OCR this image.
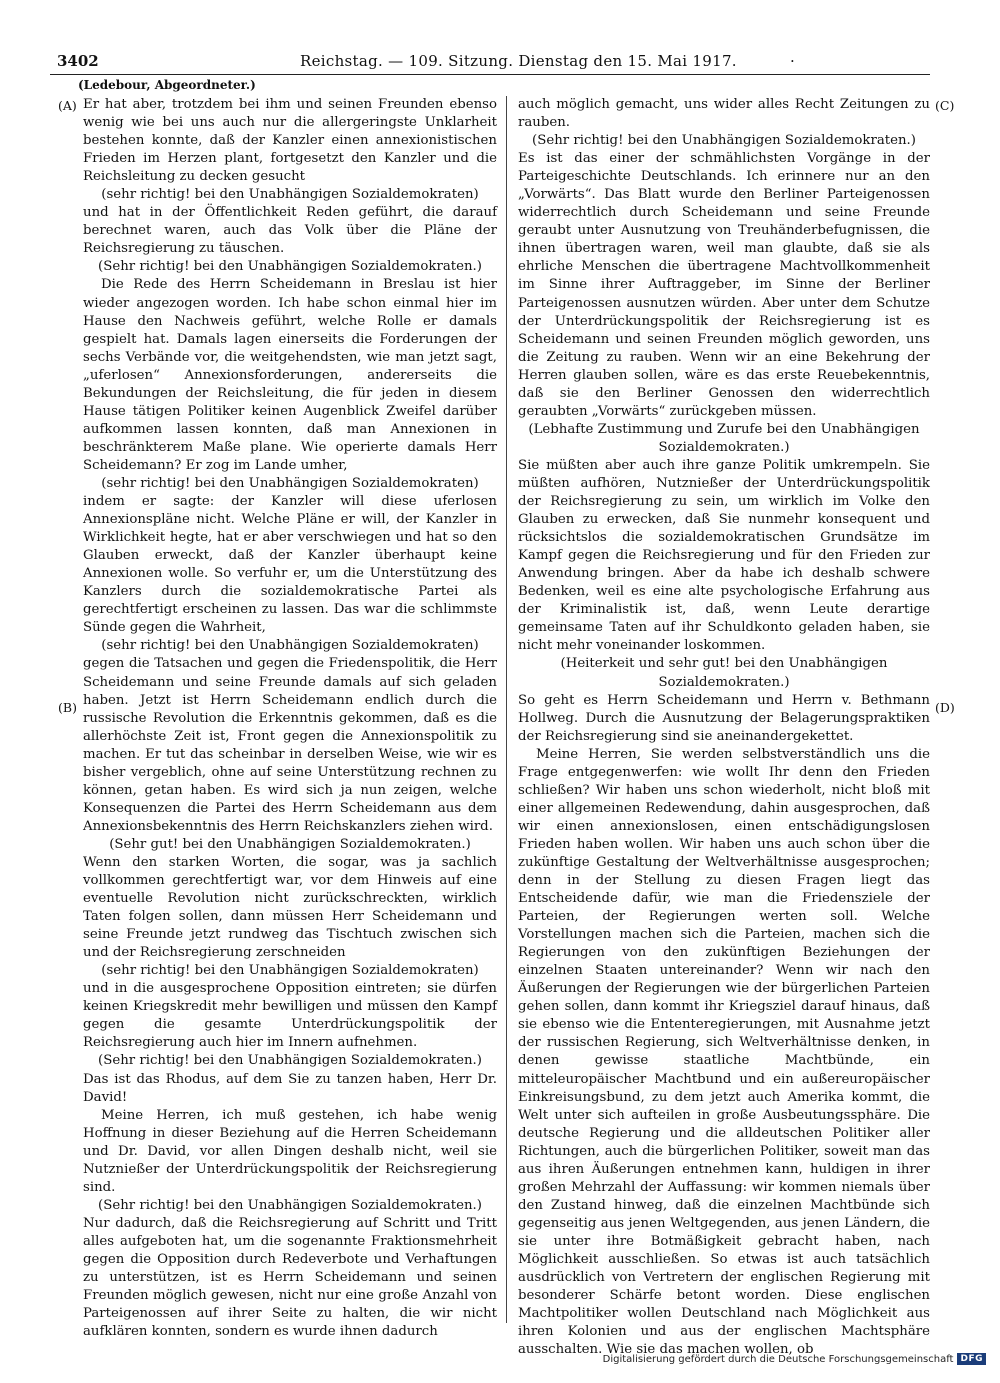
3402	Reichstag. — 109. Sitzung. Dienstag den 15. Mai 1917.	·
(Ledebour, Abgeordneter.)
(A)
(B)
(C)
(D)

Er hat aber, trotzdem bei ihm und seinen Freunden ebenso wenig wie bei uns auch nur die allergeringste Unklarheit bestehen konnte, daß der Kanzler einen annexionistischen Frieden im Herzen plant, fortgesetzt den Kanzler und die Reichsleitung zu decken gesucht

(sehr richtig! bei den Unabhängigen Sozialdemokraten)

und hat in der Öffentlichkeit Reden geführt, die darauf berechnet waren, auch das Volk über die Pläne der Reichsregierung zu täuschen.

(Sehr richtig! bei den Unabhängigen Sozialdemokraten.)

Die Rede des Herrn Scheidemann in Breslau ist hier wieder angezogen worden. Ich habe schon einmal hier im Hause den Nachweis geführt, welche Rolle er damals gespielt hat. Damals lagen einerseits die Forderungen der sechs Verbände vor, die weitgehendsten, wie man jetzt sagt, „uferlosen“ Annexionsforderungen, andererseits die Bekundungen der Reichsleitung, die für jeden in diesem Hause tätigen Politiker keinen Augenblick Zweifel darüber aufkommen lassen konnten, daß man Annexionen in beschränkterem Maße plane. Wie operierte damals Herr Scheidemann? Er zog im Lande umher,

(sehr richtig! bei den Unabhängigen Sozialdemokraten)

indem er sagte: der Kanzler will diese uferlosen Annexionspläne nicht. Welche Pläne er will, der Kanzler in Wirklichkeit hegte, hat er aber verschwiegen und hat so den Glauben erweckt, daß der Kanzler überhaupt keine Annexionen wolle. So verfuhr er, um die Unterstützung des Kanzlers durch die sozialdemokratische Partei als gerechtfertigt erscheinen zu lassen. Das war die schlimmste Sünde gegen die Wahrheit,

(sehr richtig! bei den Unabhängigen Sozialdemokraten)

gegen die Tatsachen und gegen die Friedenspolitik, die Herr Scheidemann und seine Freunde damals auf sich geladen haben. Jetzt ist Herrn Scheidemann endlich durch die russische Revolution die Erkenntnis gekommen, daß es die allerhöchste Zeit ist, Front gegen die Annexionspolitik zu machen. Er tut das scheinbar in derselben Weise, wie wir es bisher vergeblich, ohne auf seine Unterstützung rechnen zu können, getan haben. Es wird sich ja nun zeigen, welche Konsequenzen die Partei des Herrn Scheidemann aus dem Annexionsbekenntnis des Herrn Reichskanzlers ziehen wird.

(Sehr gut! bei den Unabhängigen Sozialdemokraten.)

Wenn den starken Worten, die sogar, was ja sachlich vollkommen gerechtfertigt war, vor dem Hinweis auf eine eventuelle Revolution nicht zurückschreckten, wirklich Taten folgen sollen, dann müssen Herr Scheidemann und seine Freunde jetzt rundweg das Tischtuch zwischen sich und der Reichsregierung zerschneiden

(sehr richtig! bei den Unabhängigen Sozialdemokraten)

und in die ausgesprochene Opposition eintreten; sie dürfen keinen Kriegskredit mehr bewilligen und müssen den Kampf gegen die gesamte Unterdrückungspolitik der Reichsregierung auch hier im Innern aufnehmen.

(Sehr richtig! bei den Unabhängigen Sozialdemokraten.)

Das ist das Rhodus, auf dem Sie zu tanzen haben, Herr Dr. David!

Meine Herren, ich muß gestehen, ich habe wenig Hoffnung in dieser Beziehung auf die Herren Scheidemann und Dr. David, vor allen Dingen deshalb nicht, weil sie Nutznießer der Unterdrückungspolitik der Reichsregierung sind.

(Sehr richtig! bei den Unabhängigen Sozialdemokraten.)

Nur dadurch, daß die Reichsregierung auf Schritt und Tritt alles aufgeboten hat, um die sogenannte Fraktionsmehrheit gegen die Opposition durch Redeverbote und Verhaftungen zu unterstützen, ist es Herrn Scheidemann und seinen Freunden möglich gewesen, nicht nur eine große Anzahl von Parteigenossen auf ihrer Seite zu halten, die wir nicht aufklären konnten, sondern es wurde ihnen dadurch

auch möglich gemacht, uns wider alles Recht Zeitungen zu rauben.

(Sehr richtig! bei den Unabhängigen Sozialdemokraten.)

Es ist das einer der schmählichsten Vorgänge in der Parteigeschichte Deutschlands. Ich erinnere nur an den „Vorwärts“. Das Blatt wurde den Berliner Parteigenossen widerrechtlich durch Scheidemann und seine Freunde geraubt unter Ausnutzung von Treuhänderbefugnissen, die ihnen übertragen waren, weil man glaubte, daß sie als ehrliche Menschen die übertragene Machtvollkommenheit im Sinne ihrer Auftraggeber, im Sinne der Berliner Parteigenossen ausnutzen würden. Aber unter dem Schutze der Unterdrückungspolitik der Reichsregierung ist es Scheidemann und seinen Freunden möglich geworden, uns die Zeitung zu rauben. Wenn wir an eine Bekehrung der Herren glauben sollen, wäre es das erste Reuebekenntnis, daß sie den Berliner Genossen den widerrechtlich geraubten „Vorwärts“ zurückgeben müssen.

(Lebhafte Zustimmung und Zurufe bei den Unabhängigen Sozialdemokraten.)

Sie müßten aber auch ihre ganze Politik umkrempeln. Sie müßten aufhören, Nutznießer der Unterdrückungspolitik der Reichsregierung zu sein, um wirklich im Volke den Glauben zu erwecken, daß Sie nunmehr konsequent und rücksichtslos die sozialdemokratischen Grundsätze im Kampf gegen die Reichsregierung und für den Frieden zur Anwendung bringen. Aber da habe ich deshalb schwere Bedenken, weil es eine alte psychologische Erfahrung aus der Kriminalistik ist, daß, wenn Leute derartige gemeinsame Taten auf ihr Schuldkonto geladen haben, sie nicht mehr voneinander loskommen.

(Heiterkeit und sehr gut! bei den Unabhängigen Sozialdemokraten.)

So geht es Herrn Scheidemann und Herrn v. Bethmann Hollweg. Durch die Ausnutzung der Belagerungspraktiken der Reichsregierung sind sie aneinandergekettet.

Meine Herren, Sie werden selbstverständlich uns die Frage entgegenwerfen: wie wollt Ihr denn den Frieden schließen? Wir haben uns schon wiederholt, nicht bloß mit einer allgemeinen Redewendung, dahin ausgesprochen, daß wir einen annexionslosen, einen entschädigungslosen Frieden haben wollen. Wir haben uns auch schon über die zukünftige Gestaltung der Weltverhältnisse ausgesprochen; denn in der Stellung zu diesen Fragen liegt das Entscheidende dafür, wie man die Friedensziele der Parteien, der Regierungen werten soll. Welche Vorstellungen machen sich die Parteien, machen sich die Regierungen von den zukünftigen Beziehungen der einzelnen Staaten untereinander? Wenn wir nach den Äußerungen der Regierungen wie der bürgerlichen Parteien gehen sollen, dann kommt ihr Kriegsziel darauf hinaus, daß sie ebenso wie die Ententeregierungen, mit Ausnahme jetzt der russischen Regierung, sich Weltverhältnisse denken, in denen gewisse staatliche Machtbünde, ein mitteleuropäischer Machtbund und ein außereuropäischer Einkreisungsbund, zu dem jetzt auch Amerika kommt, die Welt unter sich aufteilen in große Ausbeutungssphäre. Die deutsche Regierung und die alldeutschen Politiker aller Richtungen, auch die bürgerlichen Politiker, soweit man das aus ihren Äußerungen entnehmen kann, huldigen in ihrer großen Mehrzahl der Auffassung: wir kommen niemals über den Zustand hinweg, daß die einzelnen Machtbünde sich gegenseitig aus jenen Weltgegenden, aus jenen Ländern, die sie unter ihre Botmäßigkeit gebracht haben, nach Möglichkeit ausschließen. So etwas ist auch tatsächlich ausdrücklich von Vertretern der englischen Regierung mit besonderer Schärfe betont worden. Diese englischen Machtpolitiker wollen Deutschland nach Möglichkeit aus ihren Kolonien und aus der englischen Machtsphäre ausschalten. Wie sie das machen wollen, ob

Digitalisierung gefördert durch die Deutsche Forschungsgemeinschaft DFG
